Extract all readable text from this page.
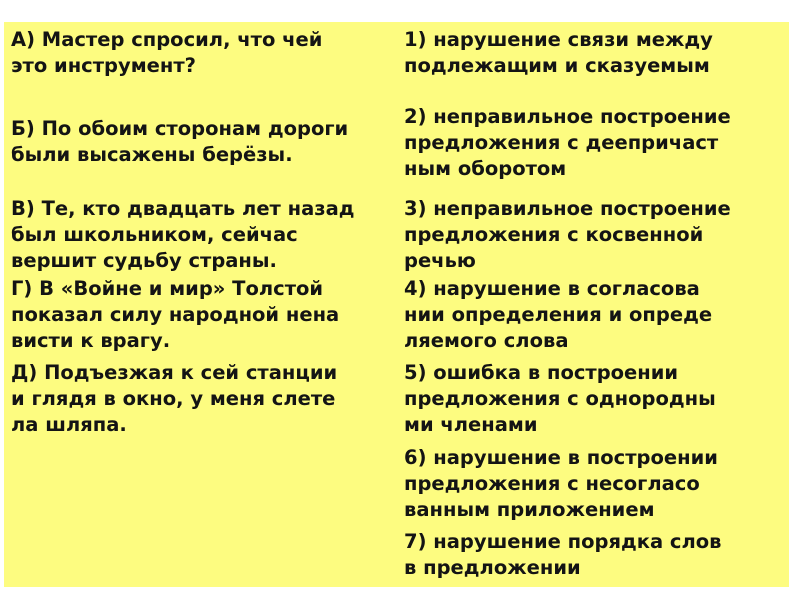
А) Мастер спросил, что чей
это инструмент?	1) нарушение связи между
подлежащим и сказуемым
Б) По обоим сторонам дороги
были высажены берёзы.	2) неправильное построение
предложения с деепричаст
ным оборотом
В) Те, кто двадцать лет назад
был школьником, сейчас
вершит судьбу страны.	3) неправильное построение
предложения с косвенной
речью
Г) В «Войне и мир» Толстой
показал силу народной нена
висти к врагу.	4) нарушение в согласова
нии определения и опреде
ляемого слова
Д) Подъезжая к сей станции
и глядя в окно, у меня слете
ла шляпа.	5) ошибка в построении
предложения с однородны
ми членами
	6) нарушение в построении
предложения с несогласо
ванным приложением
	7) нарушение порядка слов
в предложении
